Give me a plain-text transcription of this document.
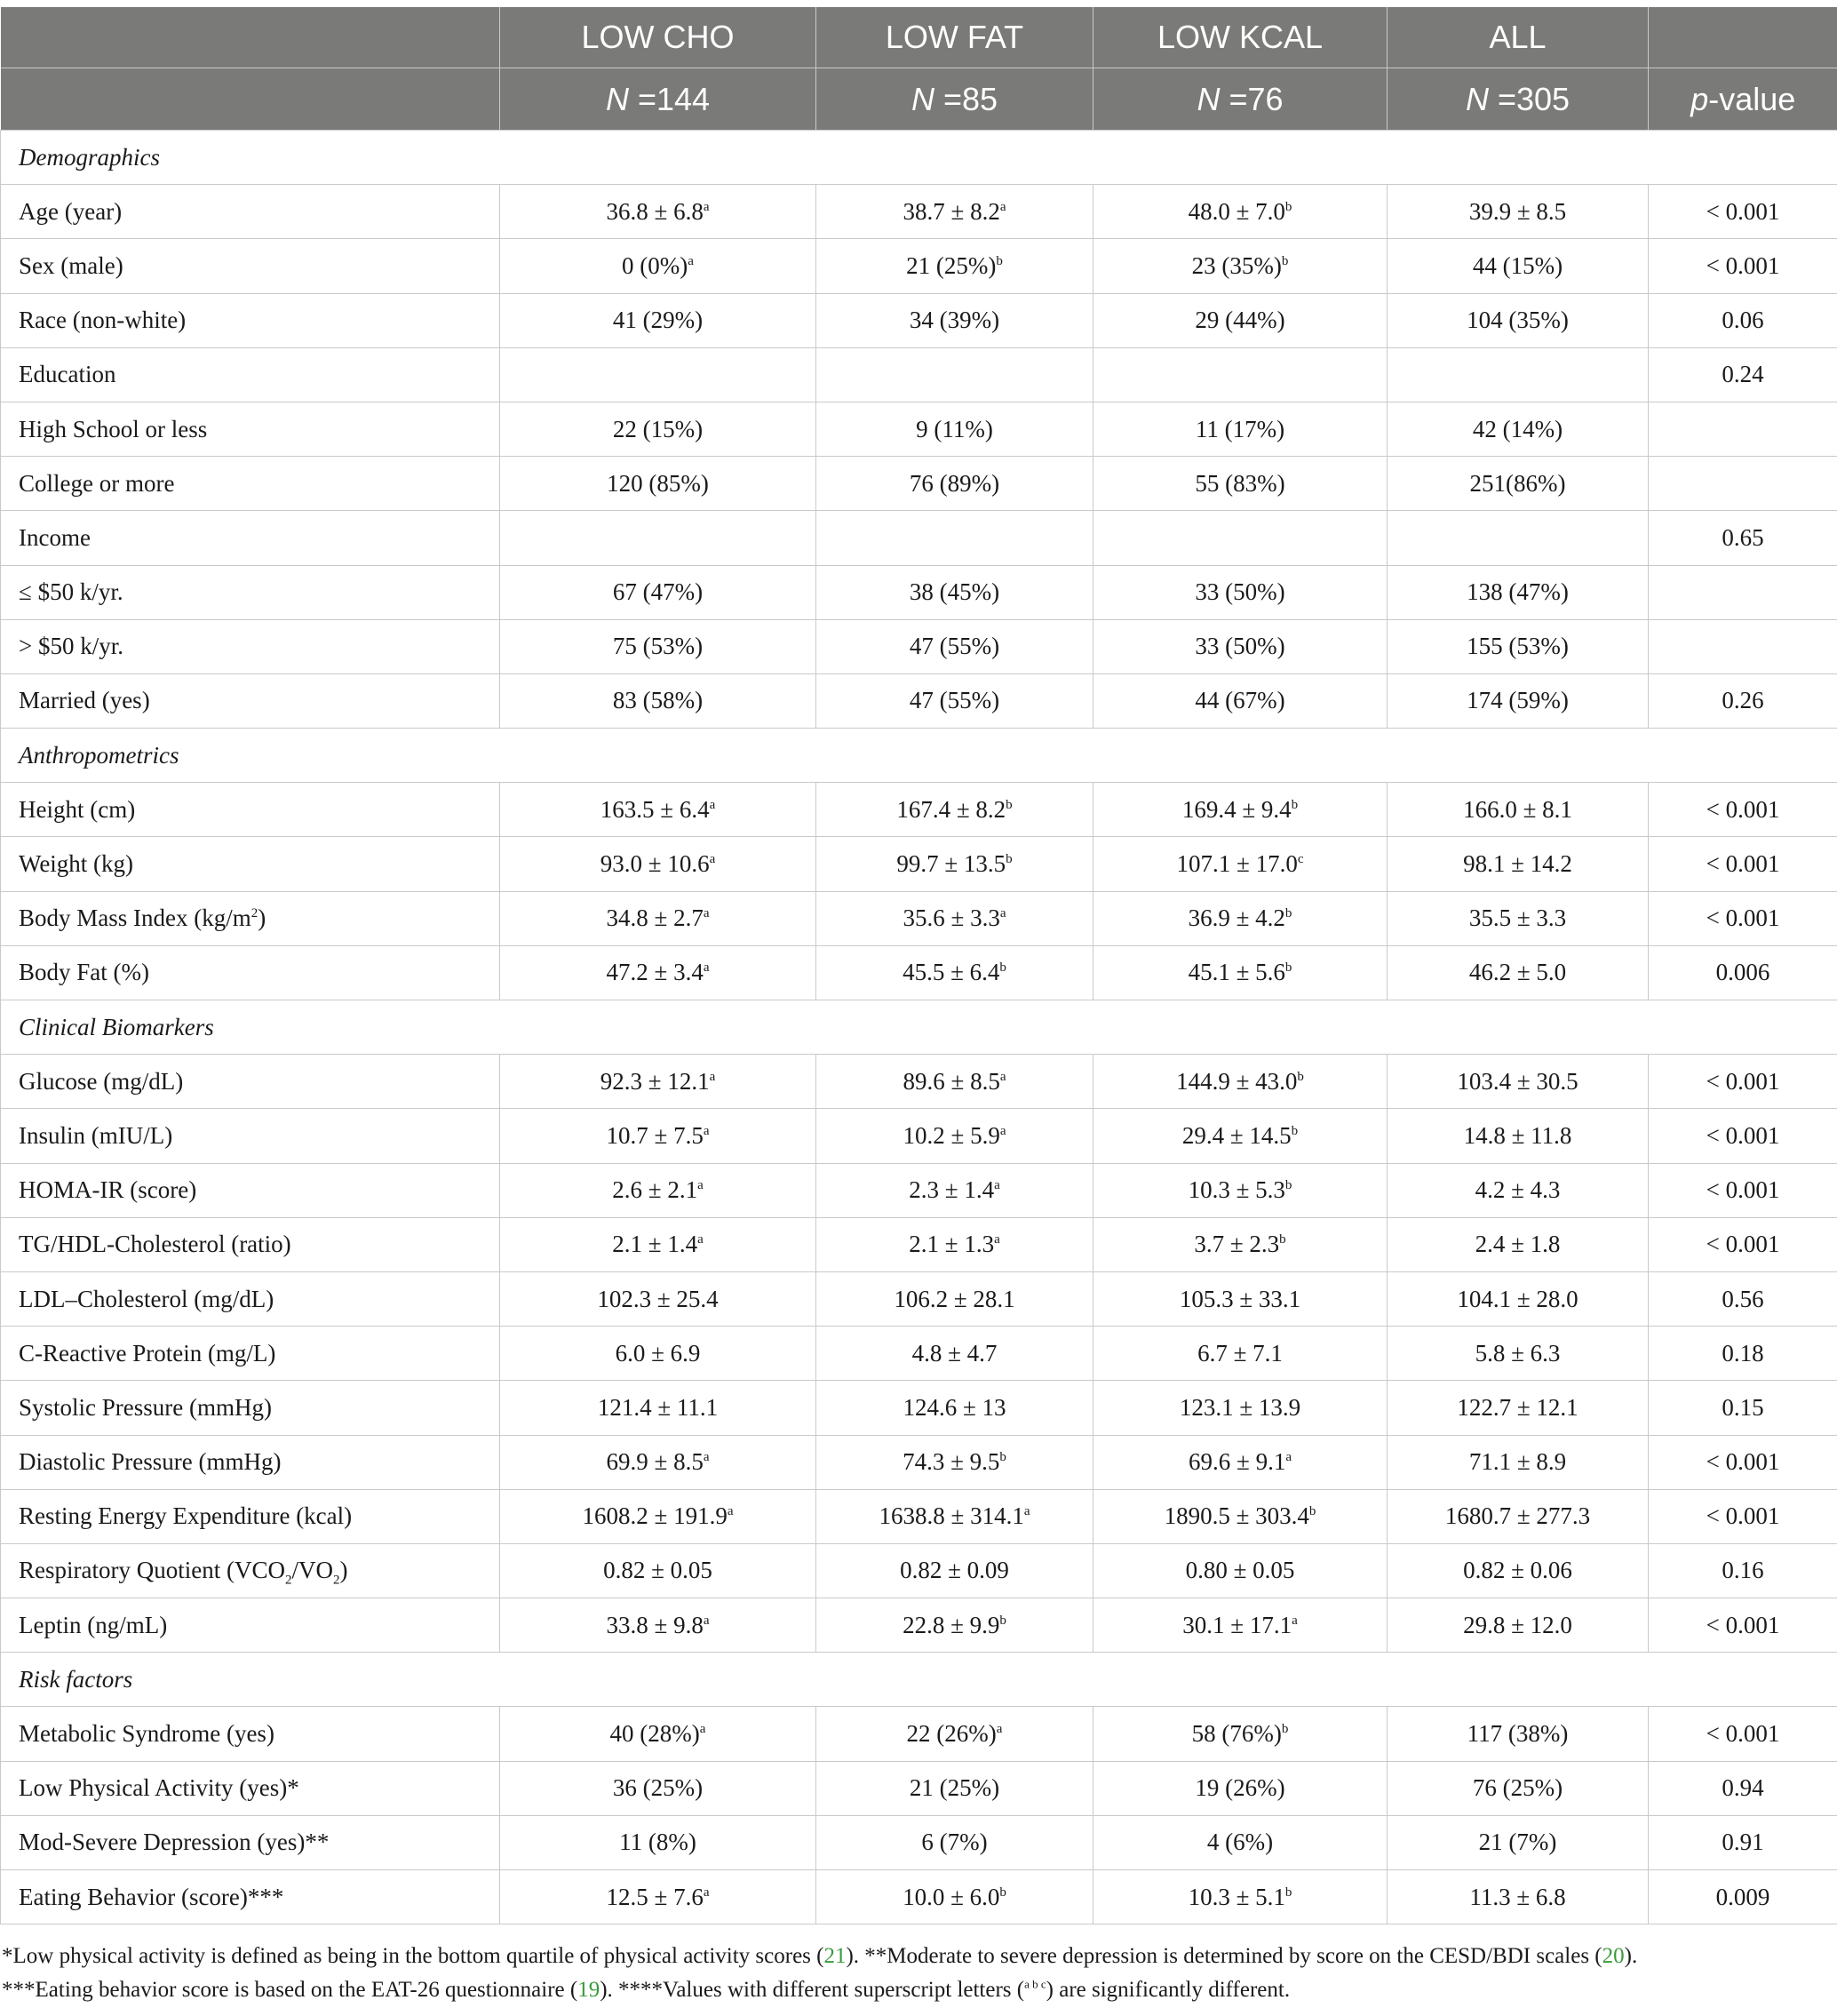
	LOW CHO	LOW FAT	LOW KCAL	ALL	
	N =144	N =85	N =76	N =305	p-value
Demographics					
Age (year)	36.8 ± 6.8$^a$	38.7 ± 8.2$^a$	48.0 ± 7.0$^b$	39.9 ± 8.5	< 0.001
Sex (male)	0 $(0\%)^a$	21 $(25\%)^b$	23 $(35\%)^b$	44 (15%)	< 0.001
Race (non-white)	41 (29%)	34 (39%)	29 (44%)	104 (35%)	0.06
Education					0.24
High School or less	22 (15%)	9 (11%)	11 (17%)	42 (14%)	
College or more	120 (85%)	76 (89%)	55 (83%)	251(86%)	
Income					0.65
≤ $50 k/yr.	67 (47%)	38 (45%)	33 (50%)	138 (47%)	
> $50 k/yr.	75 (53%)	47 (55%)	33 (50%)	155 (53%)	
Married (yes)	83 (58%)	47 (55%)	44 (67%)	174 (59%)	0.26
Anthropometrics					
Height (cm)	163.5 ± 6.4$^a$	167.4 ± 8.2$^b$	169.4 ± 9.4$^b$	166.0 ± 8.1	< 0.001
Weight (kg)	93.0 ± 10.6$^a$	99.7 ± 13.5$^b$	107.1 ± 17.0$^c$	98.1 ± 14.2	< 0.001
Body Mass Index $(kg/m^2)$	34.8 ± 2.7$^a$	35.6 ± 3.3$^a$	36.9 ± 4.2$^b$	35.5 ± 3.3	< 0.001
Body Fat (%)	47.2 ± 3.4$^a$	45.5 ± 6.4$^b$	45.1 ± 5.6$^b$	46.2 ± 5.0	0.006
Clinical Biomarkers					
Glucose (mg/dL)	92.3 ± 12.1$^a$	89.6 ± 8.5$^a$	144.9 ± 43.0$^b$	103.4 ± 30.5	< 0.001
Insulin (mIU/L)	10.7 ± 7.5$^a$	10.2 ± 5.9$^a$	29.4 ± 14.5$^b$	14.8 ± 11.8	< 0.001
HOMA-IR (score)	2.6 ± 2.1$^a$	2.3 ± 1.4$^a$	10.3 ± 5.3$^b$	4.2 ± 4.3	< 0.001
TG/HDL-Cholesterol (ratio)	2.1 ± 1.4$^a$	2.1 ± 1.3$^a$	3.7 ± 2.3$^b$	2.4 ± 1.8	< 0.001
LDL–Cholesterol (mg/dL)	102.3 ± 25.4	106.2 ± 28.1	105.3 ± 33.1	104.1 ± 28.0	0.56
C-Reactive Protein (mg/L)	6.0 ± 6.9	4.8 ± 4.7	6.7 ± 7.1	5.8 ± 6.3	0.18
Systolic Pressure (mmHg)	121.4 ± 11.1	124.6 ± 13	123.1 ± 13.9	122.7 ± 12.1	0.15
Diastolic Pressure (mmHg)	69.9 ± 8.5$^a$	74.3 ± 9.5$^b$	69.6 ± 9.1$^a$	71.1 ± 8.9	< 0.001
Resting Energy Expenditure (kcal)	1608.2 ± 191.9$^a$	1638.8 ± 314.1$^a$	1890.5 ± 303.4$^b$	1680.7 ± 277.3	< 0.001
Respiratory Quotient $(VCO_2/VO_2)$	0.82 ± 0.05	0.82 ± 0.09	0.80 ± 0.05	0.82 ± 0.06	0.16
Leptin (ng/mL)	33.8 ± 9.8$^a$	22.8 ± 9.9$^b$	30.1 ± 17.1$^a$	29.8 ± 12.0	< 0.001
Risk factors					
Metabolic Syndrome (yes)	40 $(28\%)^a$	22 $(26\%)^a$	58 $(76\%)^b$	117 (38%)	< 0.001
Low Physical Activity (yes)*	36 (25%)	21 (25%)	19 (26%)	76 (25%)	0.94
Mod-Severe Depression (yes)**	11 (8%)	6 (7%)	4 (6%)	21 (7%)	0.91
Eating Behavior (score)***	12.5 ± 7.6$^a$	10.0 ± 6.0$^b$	10.3 ± 5.1$^b$	11.3 ± 6.8	0.009

*Low physical activity is defined as being in the bottom quartile of physical activity scores (21). **Moderate to severe depression is determined by score on the CESD/BDI scales (20).

***Eating behavior score is based on the EAT-26 questionnaire (19). ****Values with different superscript letters ($^{a b c}$) are significantly different.
